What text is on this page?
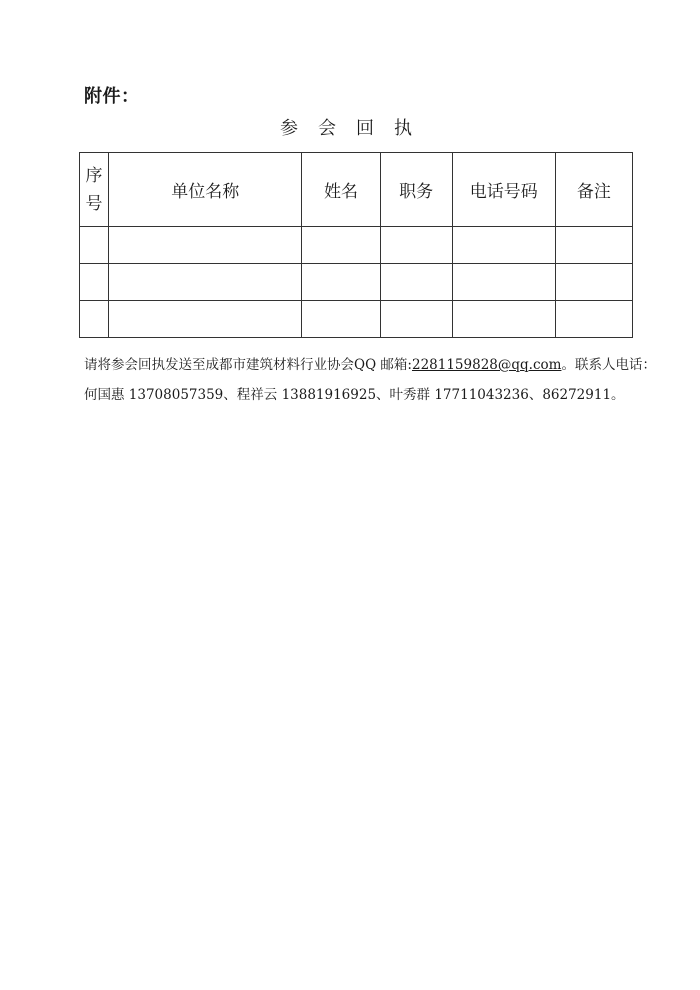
附件：
参会回执
序
号	单位名称	姓名	职务	电话号码	备注

请将参会回执发送至成都市建筑材料行业协会QQ 邮箱:2281159828@qq.com。联系人电话：
何国惠 13708057359、程祥云 13881916925、叶秀群 17711043236、86272911。
